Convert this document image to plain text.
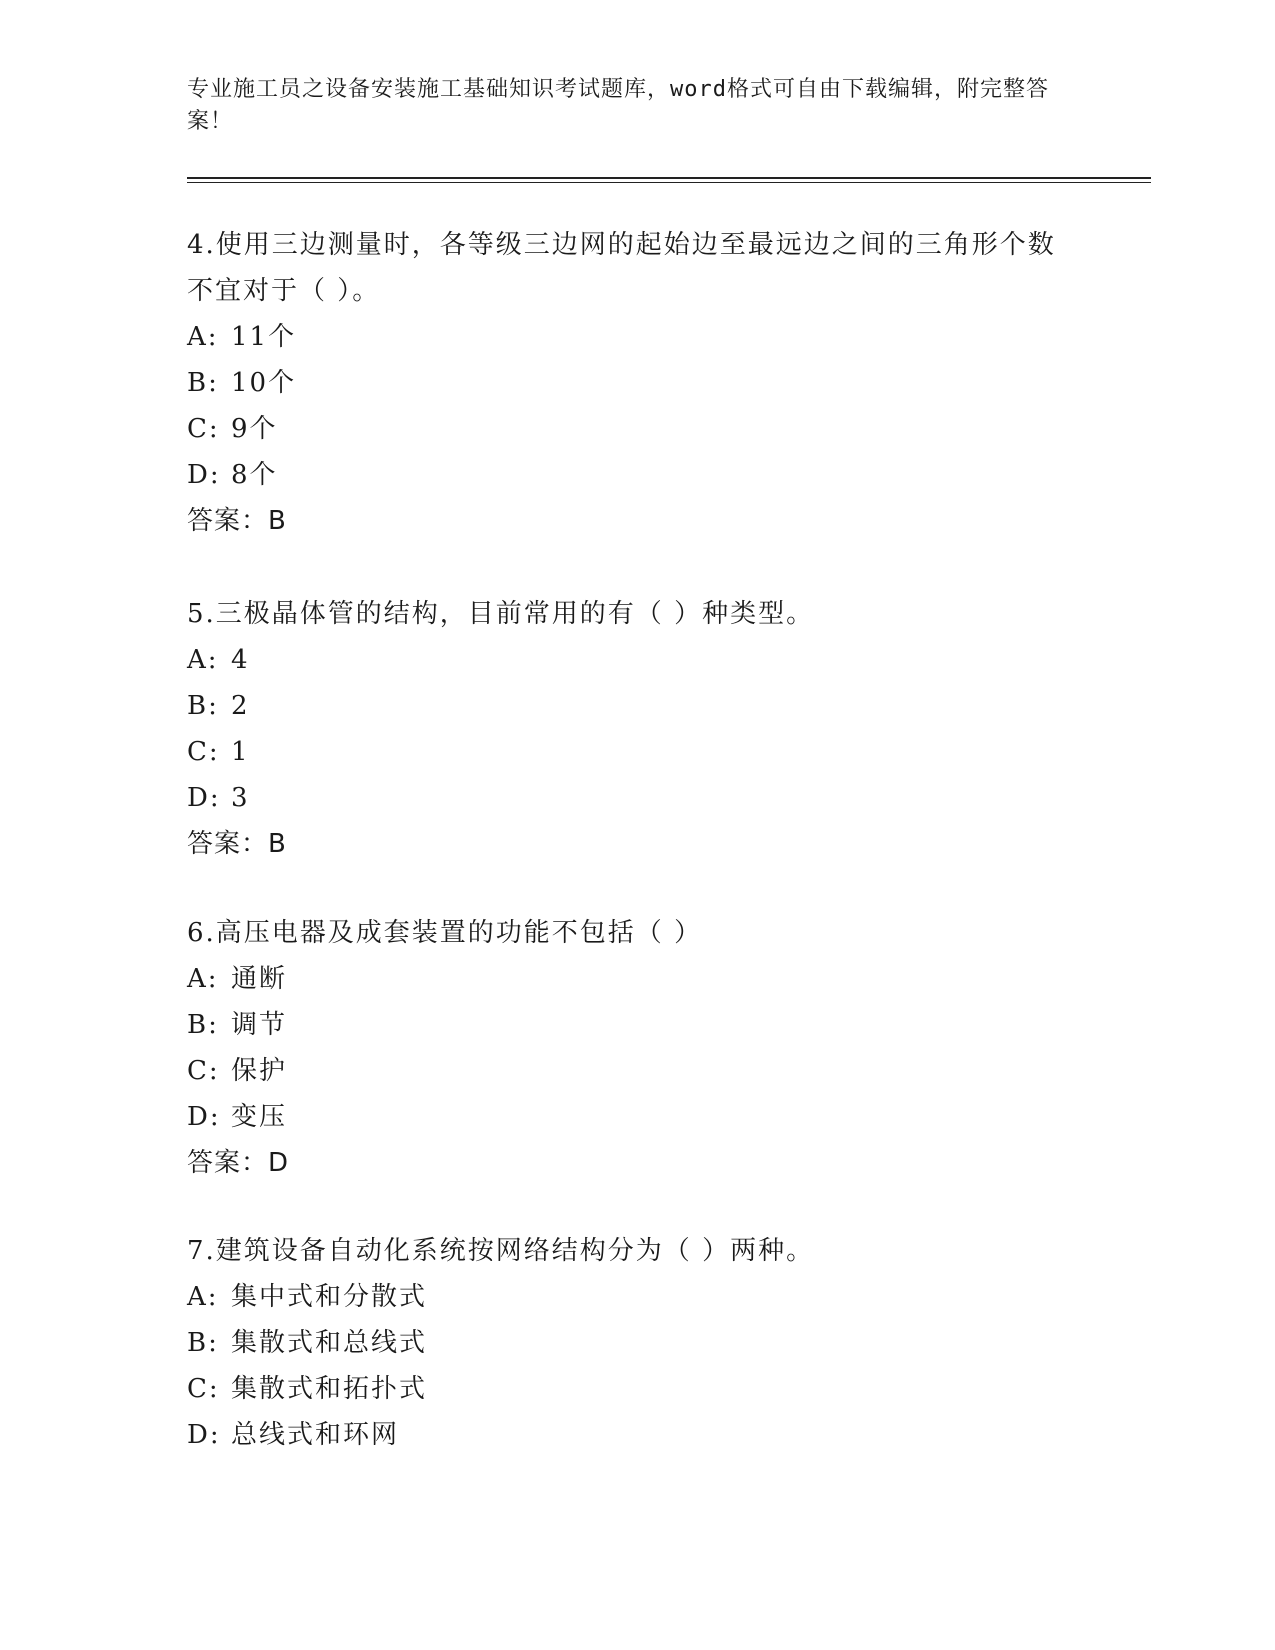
专业施工员之设备安装施工基础知识考试题库，word格式可自由下载编辑，附完整答案！

4.使用三边测量时，各等级三边网的起始边至最远边之间的三角形个数不宜对于（ ）。

A: 11个

B: 10个

C: 9个

D: 8个

答案：B

5.三极晶体管的结构，目前常用的有（ ）种类型。

A: 4

B: 2

C: 1

D: 3

答案：B

6.高压电器及成套装置的功能不包括（ ）

A: 通断

B: 调节

C: 保护

D: 变压

答案：D

7.建筑设备自动化系统按网络结构分为（ ）两种。

A: 集中式和分散式

B: 集散式和总线式

C: 集散式和拓扑式

D: 总线式和环网
